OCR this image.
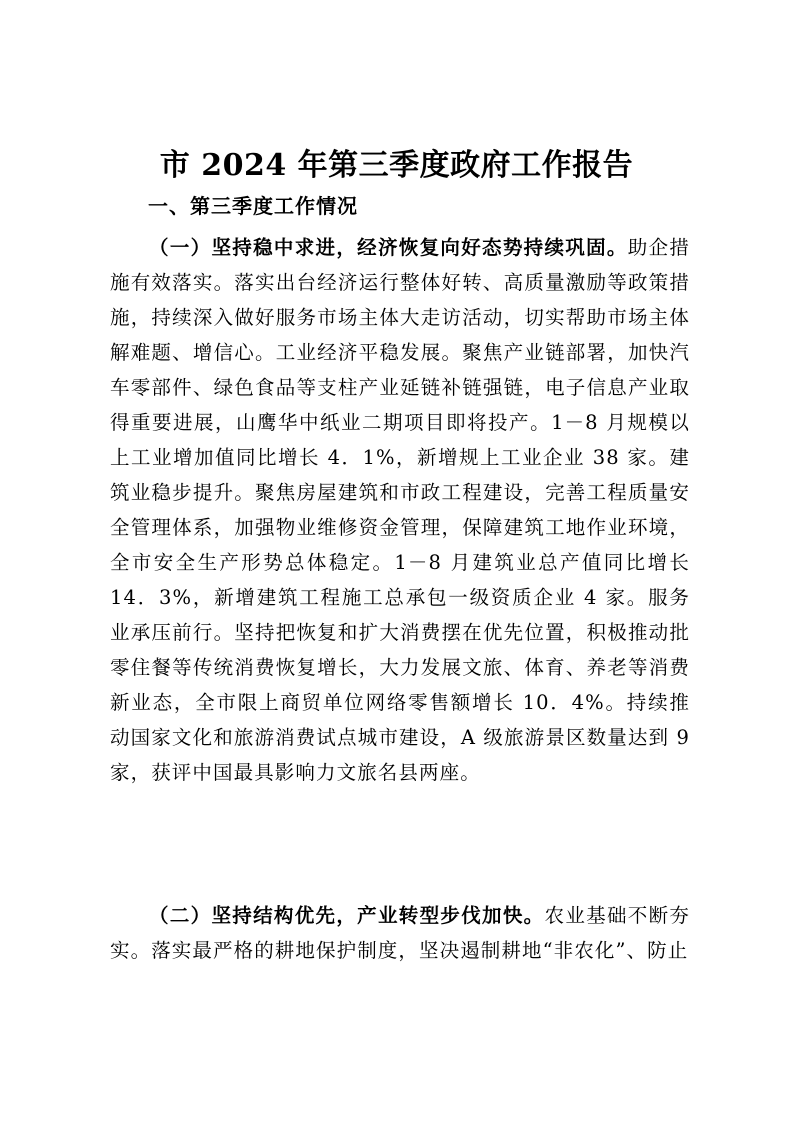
市 2024 年第三季度政府工作报告
一、第三季度工作情况

（一）坚持稳中求进，经济恢复向好态势持续巩固。助企措施有效落实。落实出台经济运行整体好转、高质量激励等政策措施，持续深入做好服务市场主体大走访活动，切实帮助市场主体解难题、增信心。工业经济平稳发展。聚焦产业链部署，加快汽车零部件、绿色食品等支柱产业延链补链强链，电子信息产业取得重要进展，山鹰华中纸业二期项目即将投产。1－8 月规模以上工业增加值同比增长 4．1%，新增规上工业企业 38 家。建筑业稳步提升。聚焦房屋建筑和市政工程建设，完善工程质量安全管理体系，加强物业维修资金管理，保障建筑工地作业环境，全市安全生产形势总体稳定。1－8 月建筑业总产值同比增长 14．3%，新增建筑工程施工总承包一级资质企业 4 家。服务业承压前行。坚持把恢复和扩大消费摆在优先位置，积极推动批零住餐等传统消费恢复增长，大力发展文旅、体育、养老等消费新业态，全市限上商贸单位网络零售额增长 10．4%。持续推动国家文化和旅游消费试点城市建设，A 级旅游景区数量达到 9 家，获评中国最具影响力文旅名县两座。

（二）坚持结构优先，产业转型步伐加快。农业基础不断夯实。落实最严格的耕地保护制度，坚决遏制耕地“非农化”、防止
